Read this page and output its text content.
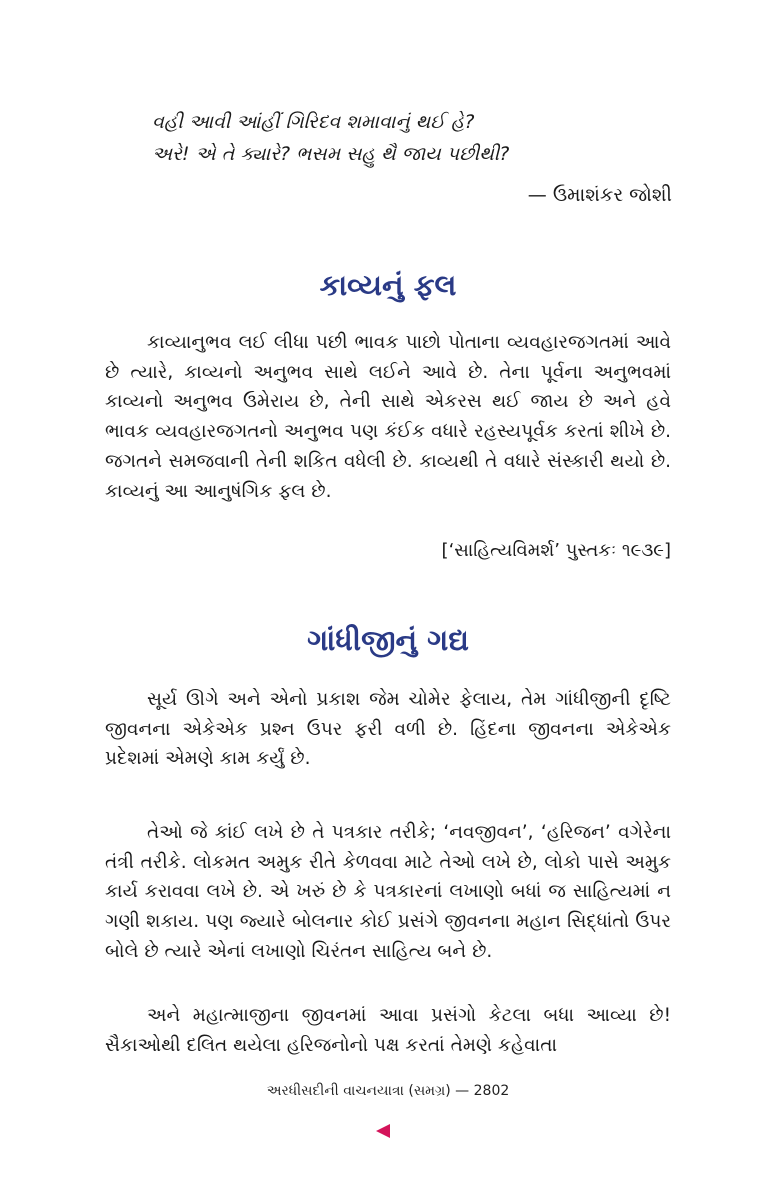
વહી આવી આંહીં ગિરિદવ શમાવાનું થઈ હે?
અરે! એ તે ક્યારે? ભસમ સહુ થૈ જાય પછીથી?
— ઉમાશંકર જોશી
કાવ્યનું ફલ

કાવ્યાનુભવ લઈ લીધા પછી ભાવક પાછો પોતાના વ્યવહારજગતમાં આવે છે ત્યારે, કાવ્યનો અનુભવ સાથે લઈને આવે છે. તેના પૂર્વના અનુભવમાં કાવ્યનો અનુભવ ઉમેરાય છે, તેની સાથે એકરસ થઈ જાય છે અને હવે ભાવક વ્યવહારજગતનો અનુભવ પણ કંઈક વધારે રહસ્યપૂર્વક કરતાં શીખે છે. જગતને સમજવાની તેની શકિત વધેલી છે. કાવ્યથી તે વધારે સંસ્કારી થયો છે. કાવ્યનું આ આનુષંગિક ફલ છે.

[‘સાહિત્યવિમર્શ’ પુસ્તકઃ ૧૯૩૯]
ગાંધીજીનું ગદ્ય

સૂર્ય ઊગે અને એનો પ્રકાશ જેમ ચોમેર ફેલાય, તેમ ગાંધીજીની દૃષ્ટિ જીવનના એકેએક પ્રશ્ન ઉપર ફરી વળી છે. હિંદના જીવનના એકેએક પ્રદેશમાં એમણે કામ કર્યું છે.

તેઓ જે કાંઈ લખે છે તે પત્રકાર તરીકે; ‘નવજીવન’, ‘હરિજન’ વગેરેના તંત્રી તરીકે. લોકમત અમુક રીતે કેળવવા માટે તેઓ લખે છે, લોકો પાસે અમુક કાર્ય કરાવવા લખે છે. એ ખરું છે કે પત્રકારનાં લખાણો બધાં જ સાહિત્યમાં ન ગણી શકાય. પણ જ્યારે બોલનાર કોઈ પ્રસંગે જીવનના મહાન સિદ્ધાંતો ઉપર બોલે છે ત્યારે એનાં લખાણો ચિરંતન સાહિત્ય બને છે.

અને મહાત્માજીના જીવનમાં આવા પ્રસંગો કેટલા બધા આવ્યા છે! સૈકાઓથી દલિત થયેલા હરિજનોનો પક્ષ કરતાં તેમણે કહેવાતા

અરધીસદીની વાચનયાત્રા (સમગ્ર) — 2802
